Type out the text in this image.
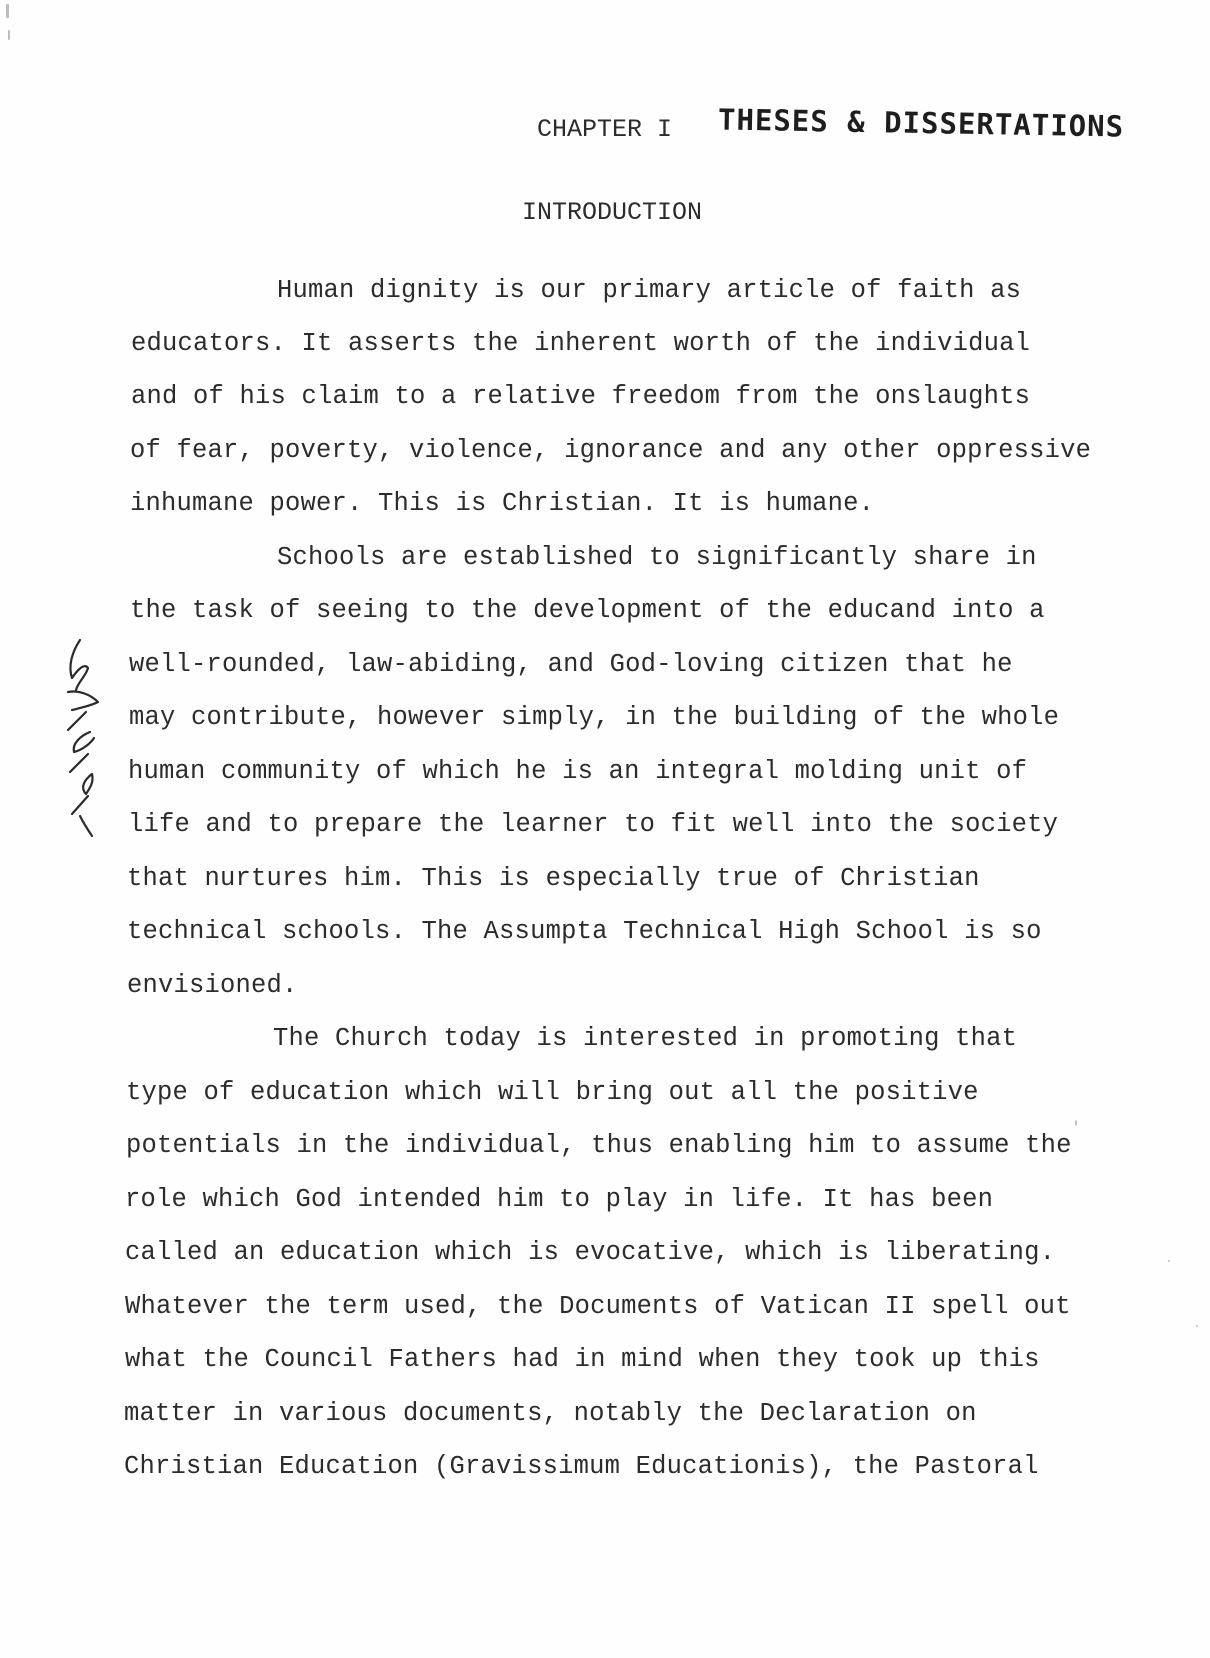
CHAPTER I THESES & DISSERTATIONS
INTRODUCTION
Human dignity is our primary article of faith as
educators. It asserts the inherent worth of the individual
and of his claim to a relative freedom from the onslaughts
of fear, poverty, violence, ignorance and any other oppressive
inhumane power. This is Christian. It is humane.
Schools are established to significantly share in
the task of seeing to the development of the educand into a
well-rounded, law-abiding, and God-loving citizen that he
may contribute, however simply, in the building of the whole
human community of which he is an integral molding unit of
life and to prepare the learner to fit well into the society
that nurtures him. This is especially true of Christian
technical schools. The Assumpta Technical High School is so
envisioned.
The Church today is interested in promoting that
type of education which will bring out all the positive
potentials in the individual, thus enabling him to assume the
role which God intended him to play in life. It has been
called an education which is evocative, which is liberating.
Whatever the term used, the Documents of Vatican II spell out
what the Council Fathers had in mind when they took up this
matter in various documents, notably the Declaration on
Christian Education (Gravissimum Educationis), the Pastoral
